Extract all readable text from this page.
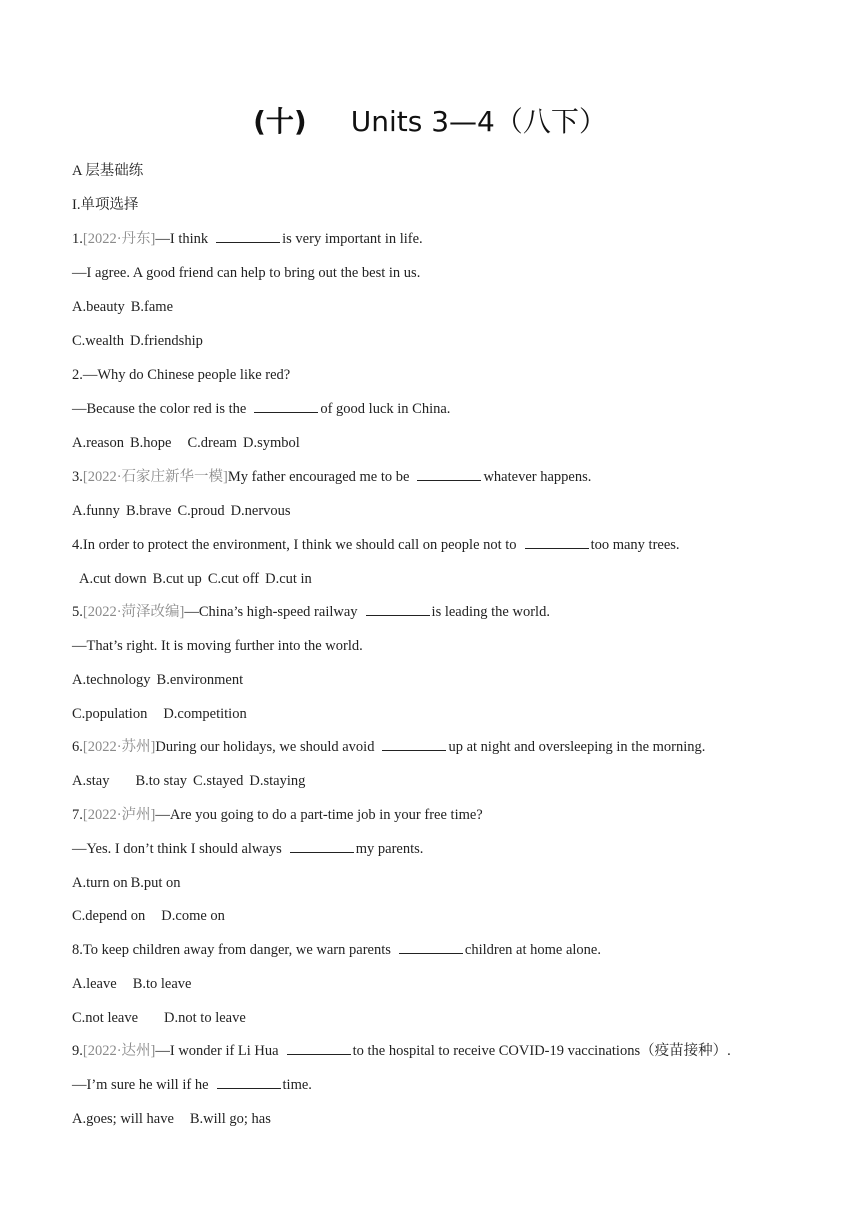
(十) Units 3—4（八下）
A 层基础练
I.单项选择
1.[2022·丹东]—I think	is very important in life.
—I agree. A good friend can help to bring out the best in us.
A.beauty B.fame
C.wealth D.friendship
2.—Why do Chinese people like red?
—Because the color red is the	of good luck in China.
A.reason B.hope C.dream D.symbol
3.[2022·石家庄新华一模]My father encouraged me to be	whatever happens.
A.funny B.brave C.proud D.nervous
4.In order to protect the environment, I think we should call on people not to	too many trees.
A.cut down B.cut up C.cut off D.cut in
5.[2022·菏泽改编]—China’s high-speed railway	is leading the world.
—That’s right. It is moving further into the world.
A.technology B.environment
C.population D.competition
6.[2022·苏州]During our holidays, we should avoid	up at night and oversleeping in the morning.
A.stay B.to stay C.stayed D.staying
7.[2022·泸州]—Are you going to do a part-time job in your free time?
—Yes. I don’t think I should always	my parents.
A.turn on B.put on
C.depend on D.come on
8.To keep children away from danger, we warn parents	children at home alone.
A.leave B.to leave
C.not leave D.not to leave
9.[2022·达州]—I wonder if Li Hua	to the hospital to receive COVID-19 vaccinations（疫苗接种）.
—I’m sure he will if he	time.
A.goes; will have B.will go; has
